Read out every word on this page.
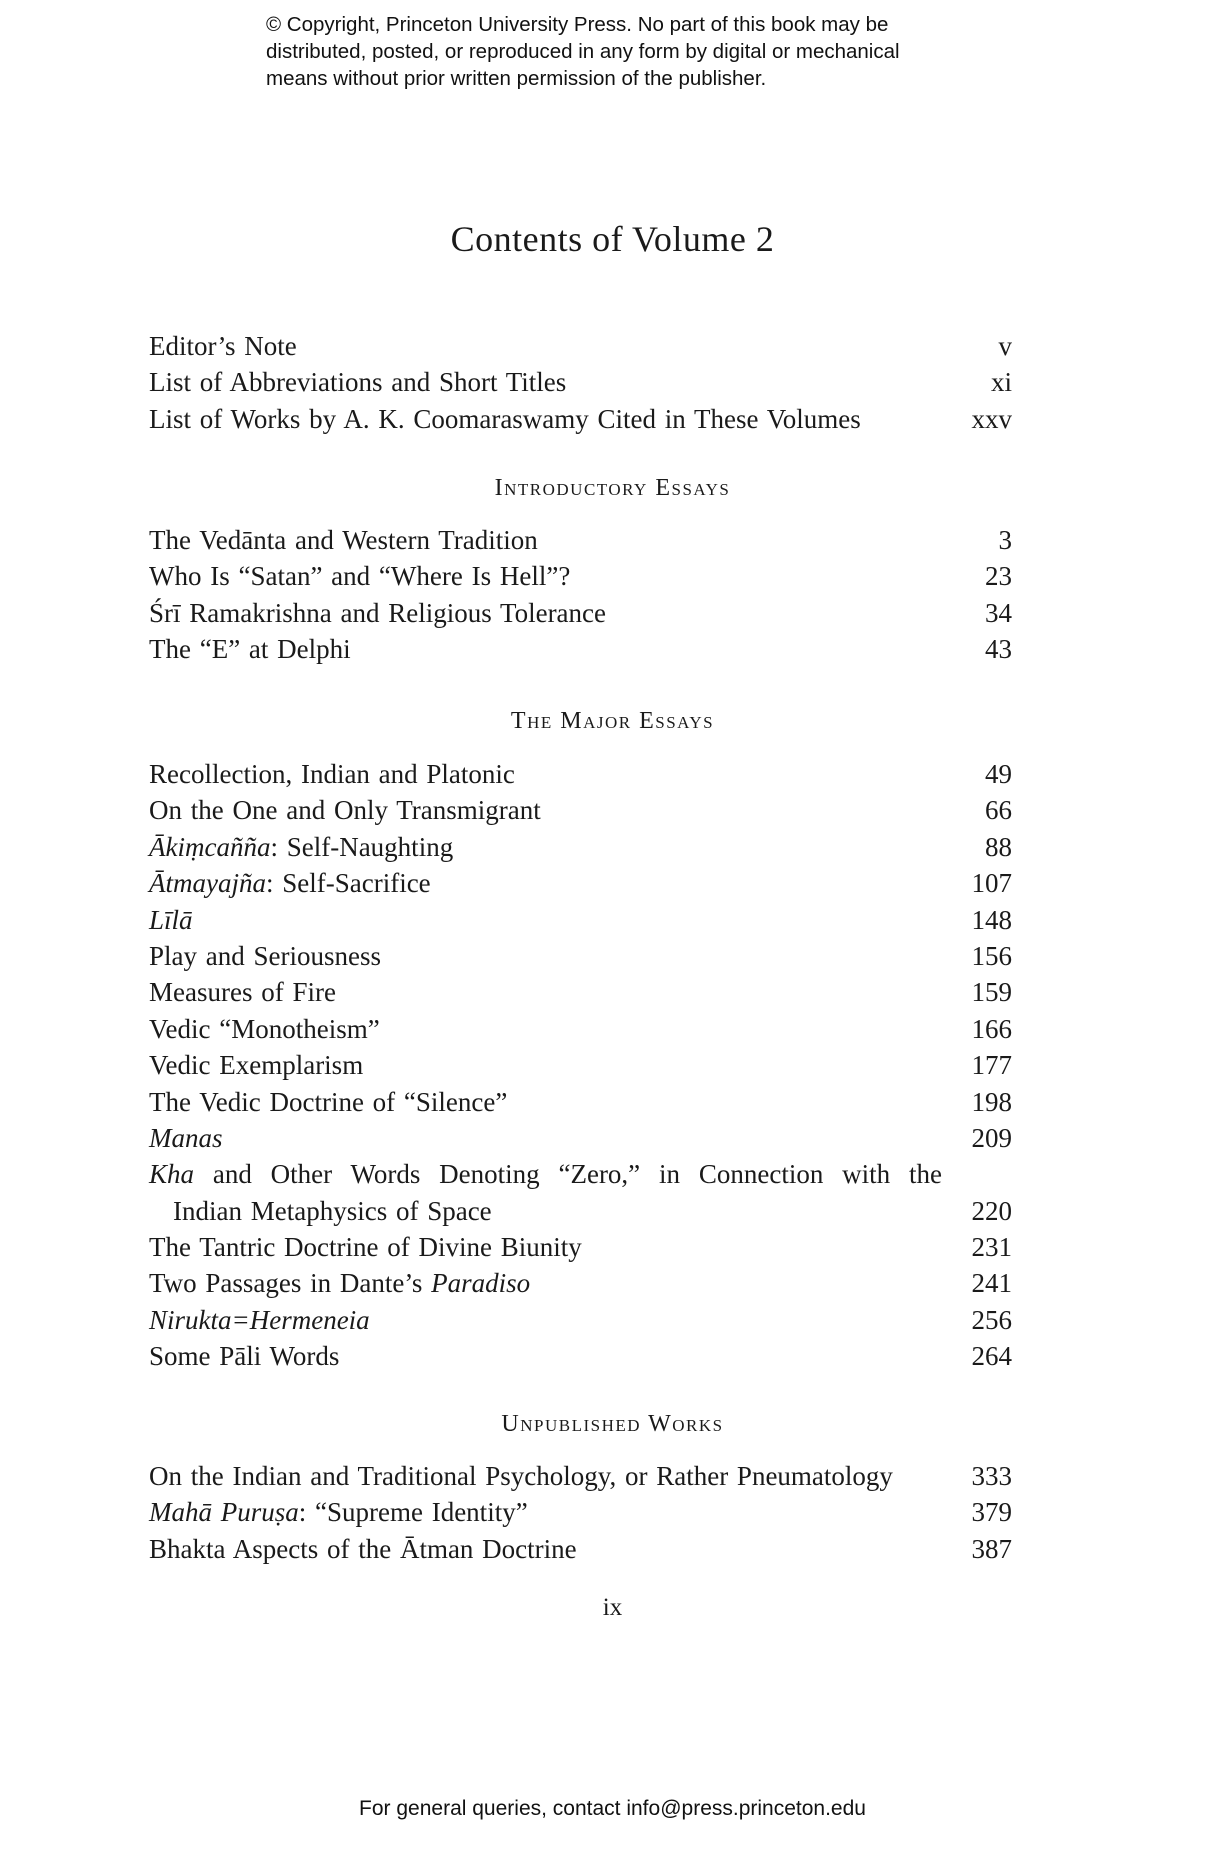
© Copyright, Princeton University Press. No part of this book may be
distributed, posted, or reproduced in any form by digital or mechanical
means without prior written permission of the publisher.
Contents of Volume 2
Editor’s Note	v
List of Abbreviations and Short Titles	xi
List of Works by A. K. Coomaraswamy Cited in These Volumes	xxv
Introductory Essays
The Vedānta and Western Tradition	3
Who Is “Satan” and “Where Is Hell”?	23
Śrī Ramakrishna and Religious Tolerance	34
The “E” at Delphi	43
The Major Essays
Recollection, Indian and Platonic	49
On the One and Only Transmigrant	66
Ākiṃcañña: Self-Naughting	88
Ātmayajña: Self-Sacrifice	107
Līlā	148
Play and Seriousness	156
Measures of Fire	159
Vedic “Monotheism”	166
Vedic Exemplarism	177
The Vedic Doctrine of “Silence”	198
Manas	209
Kha and Other Words Denoting “Zero,” in Connection with the
Indian Metaphysics of Space	220
The Tantric Doctrine of Divine Biunity	231
Two Passages in Dante’s Paradiso	241
Nirukta=Hermeneia	256
Some Pāli Words	264
Unpublished Works
On the Indian and Traditional Psychology, or Rather Pneumatology	333
Mahā Puruṣa: “Supreme Identity”	379
Bhakta Aspects of the Ātman Doctrine	387
ix
For general queries, contact info@press.princeton.edu
